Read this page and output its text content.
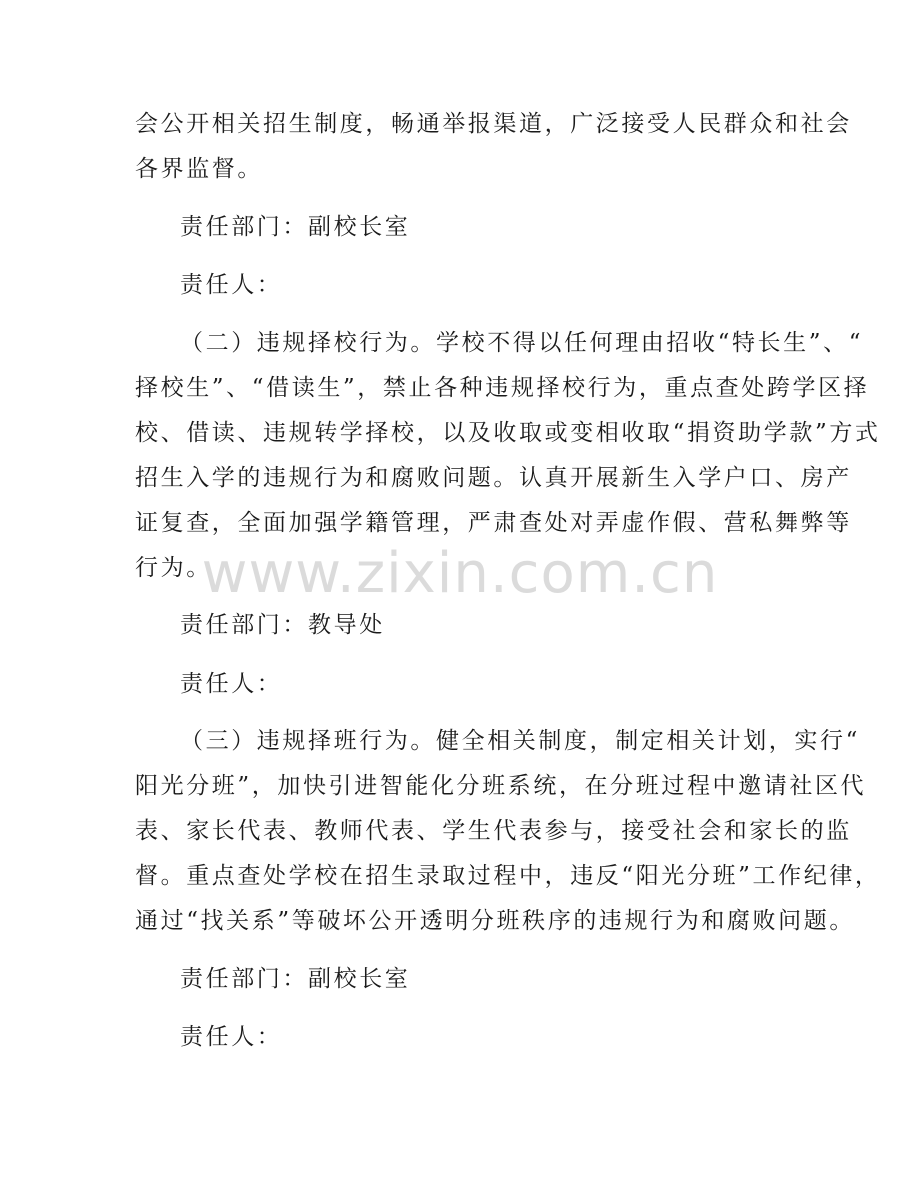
会公开相关招生制度，畅通举报渠道，广泛接受人民群众和社会
各界监督。
责任部门：副校长室
责任人：
（二）违规择校行为。学校不得以任何理由招收“特长生”、“
择校生”、“借读生”，禁止各种违规择校行为，重点查处跨学区择
校、借读、违规转学择校，以及收取或变相收取“捐资助学款”方式
招生入学的违规行为和腐败问题。认真开展新生入学户口、房产
证复查，全面加强学籍管理，严肃查处对弄虚作假、营私舞弊等
行为。
责任部门：教导处
责任人：
（三）违规择班行为。健全相关制度，制定相关计划，实行“
阳光分班”，加快引进智能化分班系统，在分班过程中邀请社区代
表、家长代表、教师代表、学生代表参与，接受社会和家长的监
督。重点查处学校在招生录取过程中，违反“阳光分班”工作纪律，
通过“找关系”等破坏公开透明分班秩序的违规行为和腐败问题。
责任部门：副校长室
责任人：
www.zixin.com.cn
